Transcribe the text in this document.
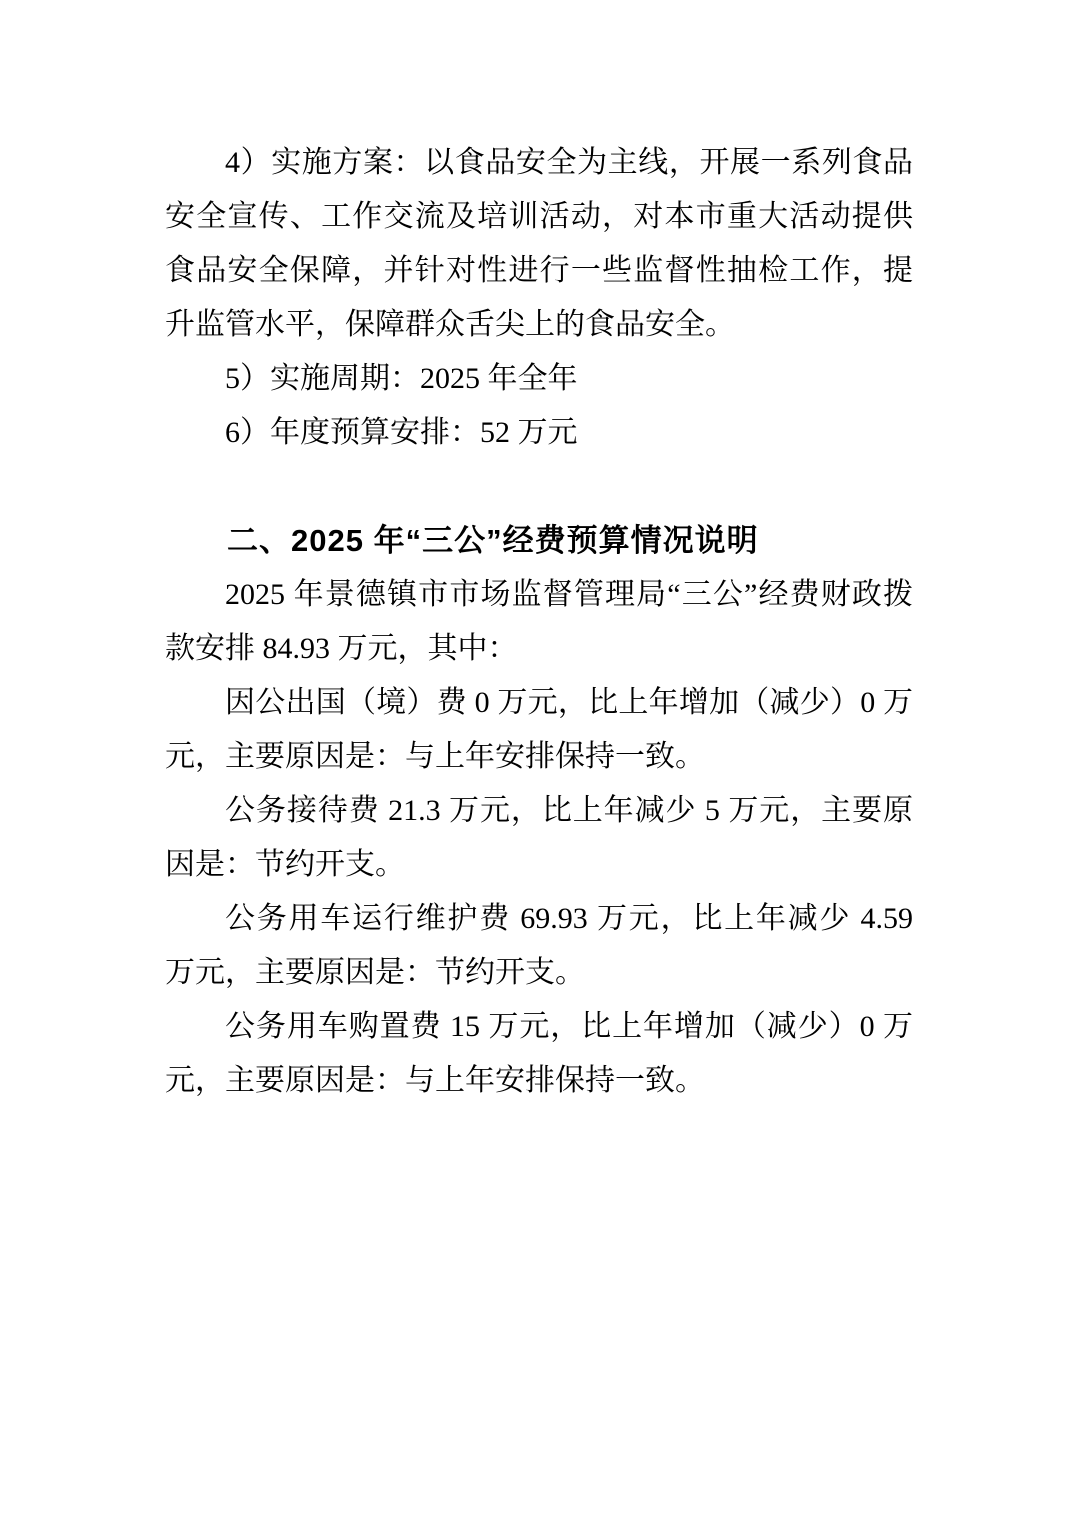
4）实施方案：以食品安全为主线，开展一系列食品安全宣传、工作交流及培训活动，对本市重大活动提供食品安全保障，并针对性进行一些监督性抽检工作，提升监管水平，保障群众舌尖上的食品安全。

5）实施周期：2025 年全年

6）年度预算安排：52 万元

二、2025 年“三公”经费预算情况说明

2025 年景德镇市市场监督管理局“三公”经费财政拨款安排 84.93 万元，其中：

因公出国（境）费 0 万元，比上年增加（减少）0 万元，主要原因是：与上年安排保持一致。

公务接待费 21.3 万元，比上年减少 5 万元，主要原因是：节约开支。

公务用车运行维护费 69.93 万元，比上年减少 4.59 万元，主要原因是：节约开支。

公务用车购置费 15 万元，比上年增加（减少）0 万元，主要原因是：与上年安排保持一致。
